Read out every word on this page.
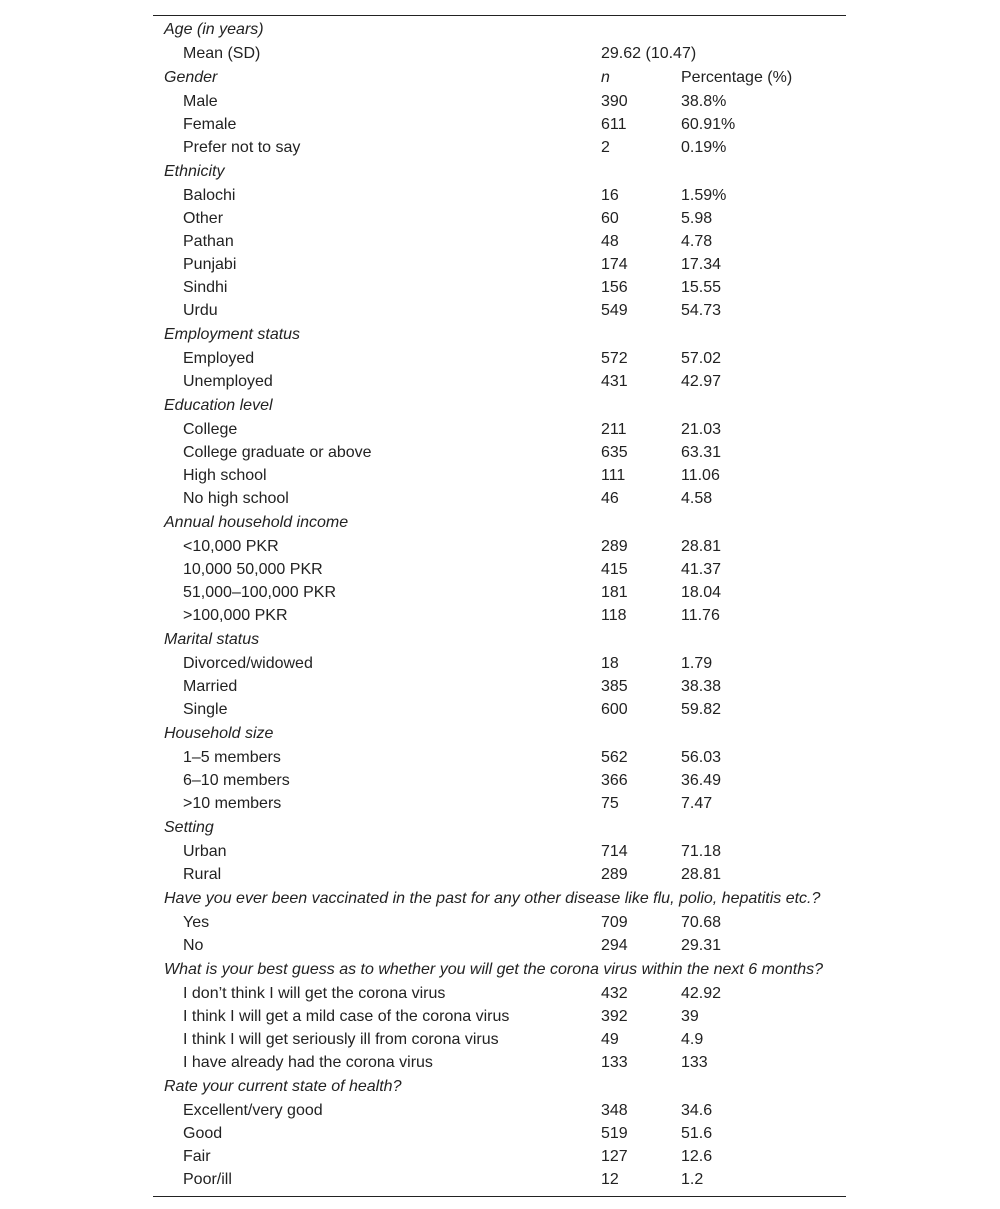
Age (in years)
Mean (SD)	29.62 (10.47)
Gender	n	Percentage (%)
Male	390	38.8%
Female	611	60.91%
Prefer not to say	2	0.19%
Ethnicity
Balochi	16	1.59%
Other	60	5.98
Pathan	48	4.78
Punjabi	174	17.34
Sindhi	156	15.55
Urdu	549	54.73
Employment status
Employed	572	57.02
Unemployed	431	42.97
Education level
College	211	21.03
College graduate or above	635	63.31
High school	111	11.06
No high school	46	4.58
Annual household income
<10,000 PKR	289	28.81
10,000 50,000 PKR	415	41.37
51,000–100,000 PKR	181	18.04
>100,000 PKR	118	11.76
Marital status
Divorced/widowed	18	1.79
Married	385	38.38
Single	600	59.82
Household size
1–5 members	562	56.03
6–10 members	366	36.49
>10 members	75	7.47
Setting
Urban	714	71.18
Rural	289	28.81
Have you ever been vaccinated in the past for any other disease like flu, polio, hepatitis etc.?
Yes	709	70.68
No	294	29.31
What is your best guess as to whether you will get the corona virus within the next 6 months?
I don’t think I will get the corona virus	432	42.92
I think I will get a mild case of the corona virus	392	39
I think I will get seriously ill from corona virus	49	4.9
I have already had the corona virus	133	133
Rate your current state of health?
Excellent/very good	348	34.6
Good	519	51.6
Fair	127	12.6
Poor/ill	12	1.2
